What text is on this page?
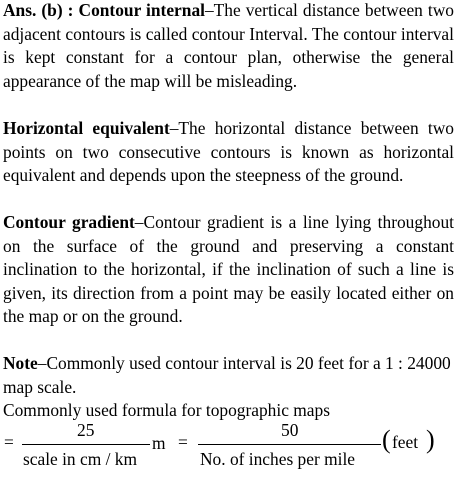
Ans. (b) : Contour internal–The vertical distance between two adjacent contours is called contour Interval. The contour interval is kept constant for a contour plan, otherwise the general appearance of the map will be misleading.

Horizontal equivalent–The horizontal distance between two points on two consecutive contours is known as horizontal equivalent and depends upon the steepness of the ground.

Contour gradient–Contour gradient is a line lying throughout on the surface of the ground and preserving a constant inclination to the horizontal, if the inclination of such a line is given, its direction from a point may be easily located either on the map or on the ground.

Note–Commonly used contour interval is 20 feet for a 1 : 24000 map scale.

Commonly used formula for topographic maps

=
25
scale in cm / km
m =
50
No. of inches per mile
( feet )
